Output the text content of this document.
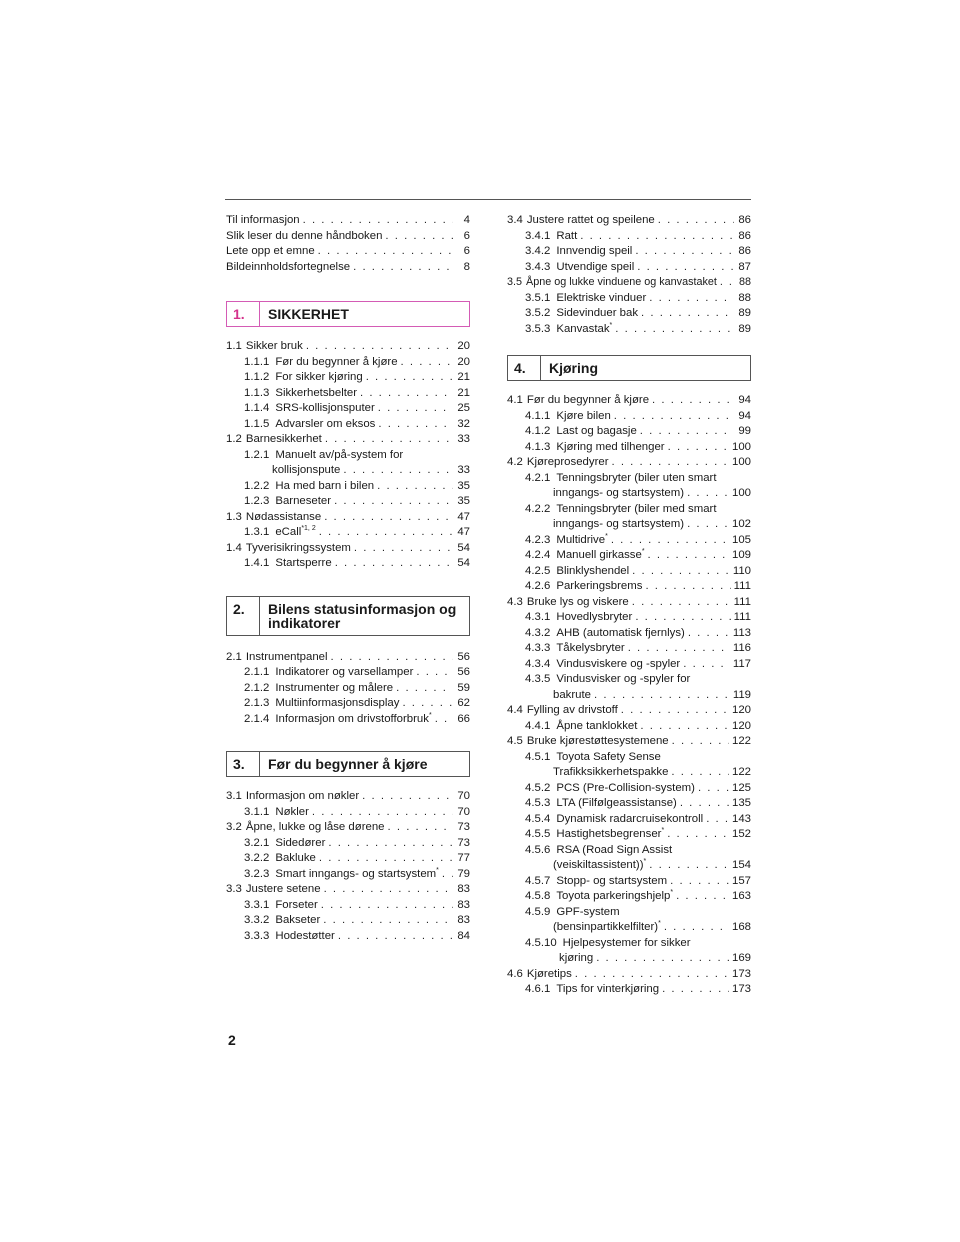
Til informasjon . . .	4
Slik leser du denne håndboken . . .	6
Lete opp et emne . . .	6
Bildeinnholdsfortegnelse . . .	8
1.	SIKKERHET
1.1 Sikker bruk . . .	20
1.1.1 Før du begynner å kjøre . . .	20
1.1.2 For sikker kjøring . . .	21
1.1.3 Sikkerhetsbelter . . .	21
1.1.4 SRS-kollisjonsputer . . .	25
1.1.5 Advarsler om eksos . . .	32
1.2 Barnesikkerhet . . .	33
1.2.1 Manuelt av/på-system for
kollisjonspute . . .	33
1.2.2 Ha med barn i bilen . . .	35
1.2.3 Barneseter . . .	35
1.3 Nødassistanse . . .	47
1.3.1 eCall$^{*1, 2}$ . . .	47
1.4 Tyverisikringssystem . . .	54
1.4.1 Startsperre . . .	54
2.	Bilens statusinformasjon og
indikatorer
2.1 Instrumentpanel . . .	56
2.1.1 Indikatorer og varsellamper . . .	56
2.1.2 Instrumenter og målere . . .	59
2.1.3 Multiinformasjonsdisplay . . .	62
2.1.4 Informasjon om drivstofforbruk* . . . 66
3.	Før du begynner å kjøre
3.1 Informasjon om nøkler . . .	70
3.1.1 Nøkler . . .	70
3.2 Åpne, lukke og låse dørene . . .	73
3.2.1 Sidedører . . .	73
3.2.2 Bakluke . . .	77
3.2.3 Smart inngangs- og startsystem* . . . 79
3.3 Justere setene . . .	83
3.3.1 Forseter . . .	83
3.3.2 Bakseter . . .	83
3.3.3 Hodestøtter . . .	84
3.4 Justere rattet og speilene . . .	86
3.4.1 Ratt . . .	86
3.4.2 Innvendig speil . . .	86
3.4.3 Utvendige speil . . .	87
3.5 Åpne og lukke vinduene og kanvastaket . . . 88
3.5.1 Elektriske vinduer . . .	88
3.5.2 Sidevinduer bak . . .	89
3.5.3 Kanvastak* . . .	89
4.	Kjøring
4.1 Før du begynner å kjøre . . .	94
4.1.1 Kjøre bilen . . .	94
4.1.2 Last og bagasje . . .	99
4.1.3 Kjøring med tilhenger . . .	100
4.2 Kjøreprosedyrer . . .	100
4.2.1 Tenningsbryter (biler uten smart
inngangs- og startsystem) . . .	100
4.2.2 Tenningsbryter (biler med smart
inngangs- og startsystem) . . .	102
4.2.3 Multidrive* . . .	105
4.2.4 Manuell girkasse* . . .	109
4.2.5 Blinklyshendel . . .	110
4.2.6 Parkeringsbrems . . .	111
4.3 Bruke lys og viskere . . .	111
4.3.1 Hovedlysbryter . . .	111
4.3.2 AHB (automatisk fjernlys) . . .	113
4.3.3 Tåkelysbryter . . .	116
4.3.4 Vindusviskere og -spyler . . .	117
4.3.5 Vindusvisker og -spyler for
bakrute . . .	119
4.4 Fylling av drivstoff . . .	120
4.4.1 Åpne tanklokket . . .	120
4.5 Bruke kjørestøttesystemene . . .	122
4.5.1 Toyota Safety Sense
Trafikksikkerhetspakke . . .	122
4.5.2 PCS (Pre-Collision-system) . . .	125
4.5.3 LTA (Filfølgeassistanse) . . .	135
4.5.4 Dynamisk radarcruisekontroll . . .	143
4.5.5 Hastighetsbegrenser* . . .	152
4.5.6 RSA (Road Sign Assist
(veiskiltassistent))* . . .	154
4.5.7 Stopp- og startsystem . . .	157
4.5.8 Toyota parkeringshjelp* . . .	163
4.5.9 GPF-system
(bensinpartikkelfilter)* . . .	168
4.5.10 Hjelpesystemer for sikker
kjøring . . .	169
4.6 Kjøretips . . .	173
4.6.1 Tips for vinterkjøring . . .	173
2
